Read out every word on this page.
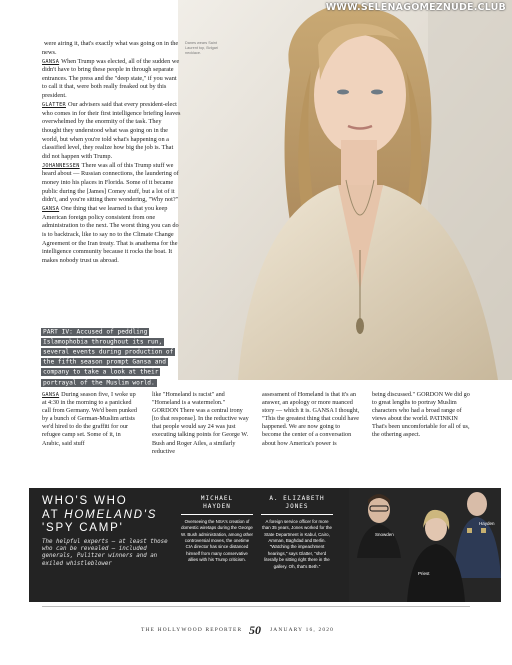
Danes wears Saint Laurent top, Bvlgari necklace.
WWW.SELENAGOMEZNUDE.CLUB

were airing it, that's exactly what was going on in the news.

GANSA When Trump was elected, all of the sudden we didn't have to bring these people in through separate entrances. The press and the "deep state," if you want to call it that, were both really freaked out by this president.

GLATTER Our advisers said that every president-elect who comes in for their first intelligence briefing leaves overwhelmed by the enormity of the task. They thought they understood what was going on in the world, but when you're told what's happening on a classified level, they realize how big the job is. That did not happen with Trump.

JOHANNESSEN There was all of this Trump stuff we heard about — Russian connections, the laundering of money into his places in Florida. Some of it became public during the [James] Comey stuff, but a lot of it didn't, and you're sitting there wondering, "Why not?"

GANSA One thing that we learned is that you keep American foreign policy consistent from one administration to the next. The worst thing you can do is to backtrack, like to say no to the Climate Change Agreement or the Iran treaty. That is anathema for the intelligence community because it rocks the boat. It makes nobody trust us abroad.

PART IV: Accused of peddling Islamophobia throughout its run, several events during production of the fifth season prompt Gansa and company to take a look at their portrayal of the Muslim world.

GANSA During season five, I woke up at 4:30 in the morning to a panicked call from Germany. We'd been punked by a bunch of German-Muslim artists we'd hired to do the graffiti for our refugee camp set. Some of it, in Arabic, said stuff

like "Homeland is racist" and "Homeland is a watermelon." GORDON There was a central irony [to that response]. In the reductive way that people would say 24 was just executing talking points for George W. Bush and Roger Ailes, a similarly reductive

assessment of Homeland is that it's an answer, an apology or more nuanced story — which it is. GANSA I thought, "This the greatest thing that could have happened. We are now going to become the center of a conversation about how America's power is

being discussed." GORDON We did go to great lengths to portray Muslim characters who had a broad range of views about the world. PATINKIN That's been uncomfortable for all of us, the othering aspect.

WHO'S WHO
AT HOMELAND'S
'SPY CAMP'
The helpful experts — at least those who can be revealed — included generals, Pulitzer winners and an exiled whistleblower
MICHAEL
HAYDEN
Overseeing the NSA's creation of domestic wiretaps during the George W. Bush administration, among other controversial moves, the onetime CIA director has since distanced himself from many conservative allies with his Trump criticism.
A. ELIZABETH
JONES
A foreign service officer for more than 35 years, Jones worked for the State Department in Kabul, Cairo, Amman, Baghdad and Berlin. "Watching the impeachment hearings," says Glatter, "she'd literally be sitting right there in the gallery. Oh, that's Beth."
Snowden
Hayden
Priest
THE HOLLYWOOD REPORTER 50 JANUARY 16, 2020
